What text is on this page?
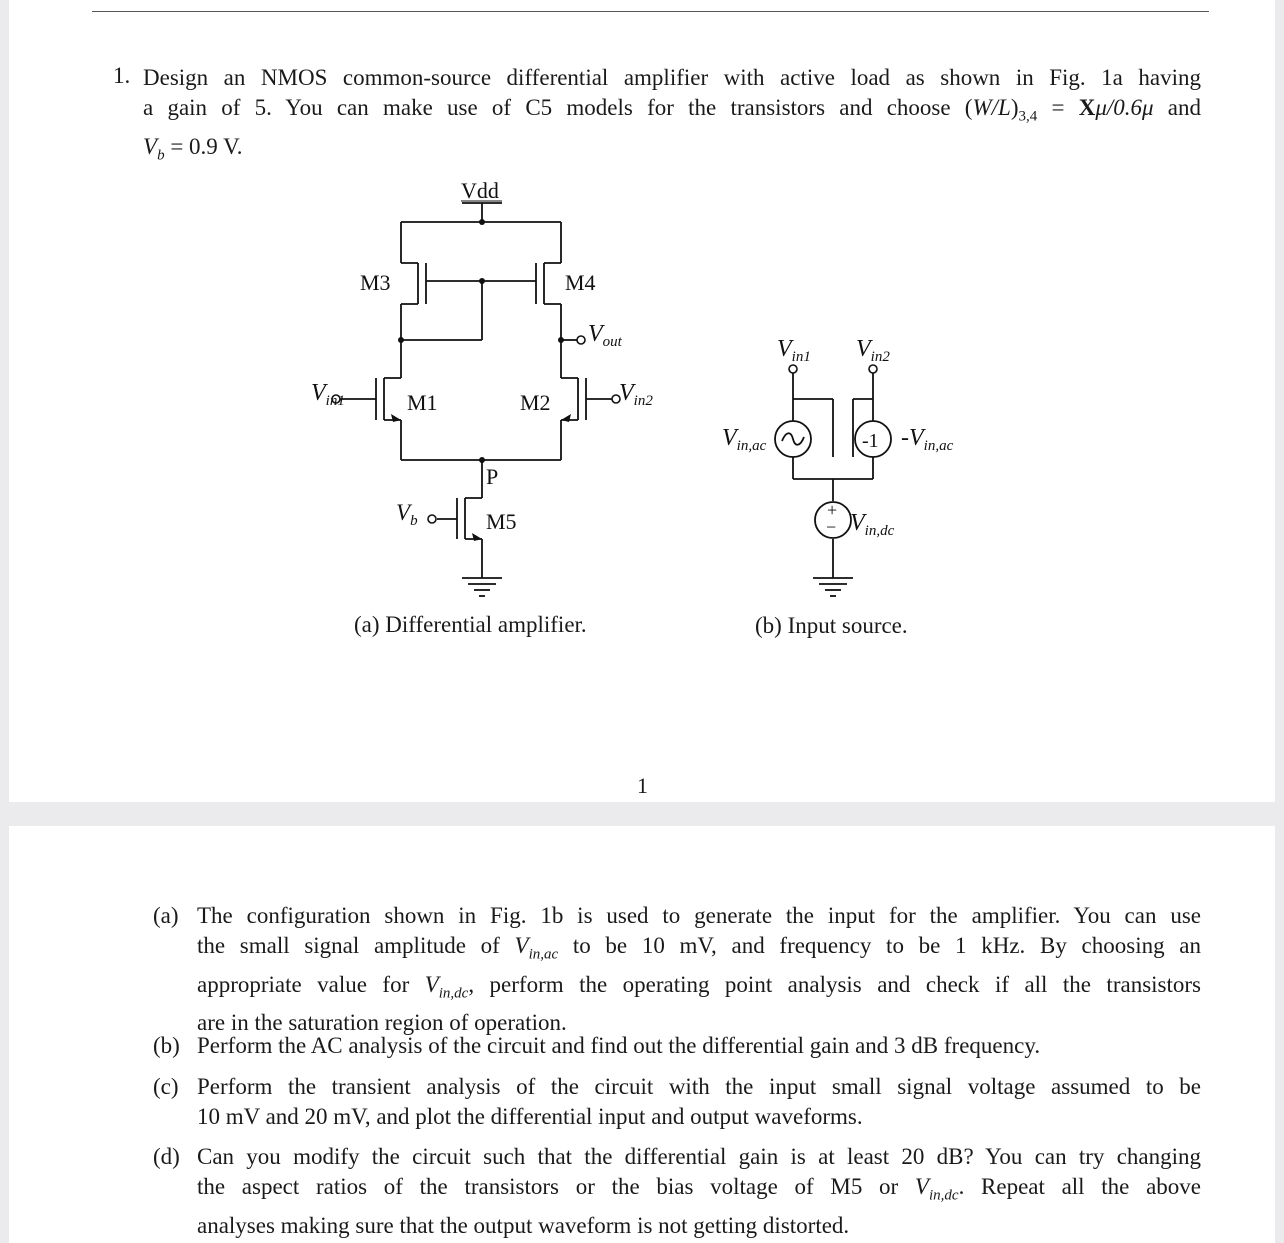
1. Design an NMOS common-source differential amplifier with active load as shown in Fig. 1a having
a gain of 5. You can make use of C5 models for the transistors and choose $(W/L)_{3,4} = X\mu/0.6\mu$ and
$V_b = 0.9$ V.
Vdd
M3	M4
M1	M2
P
M5
$V_{out}$
$V_{in1}$	$V_{in2}$
$V_b$
$V_{in1}$ $V_{in2}$
$V_{in,ac}$	$-V_{in,ac}$
-1
+
− $V_{in,dc}$
(a) Differential amplifier.	(b) Input source.
1
(a) The configuration shown in Fig. 1b is used to generate the input for the amplifier. You can use
the small signal amplitude of $V_{in,ac}$ to be 10 mV, and frequency to be 1 kHz. By choosing an
appropriate value for $V_{in,dc}$, perform the operating point analysis and check if all the transistors
are in the saturation region of operation.
(b) Perform the AC analysis of the circuit and find out the differential gain and 3 dB frequency.
(c) Perform the transient analysis of the circuit with the input small signal voltage assumed to be
10 mV and 20 mV, and plot the differential input and output waveforms.
(d) Can you modify the circuit such that the differential gain is at least 20 dB? You can try changing
the aspect ratios of the transistors or the bias voltage of M5 or $V_{in,dc}$. Repeat all the above
analyses making sure that the output waveform is not getting distorted.
